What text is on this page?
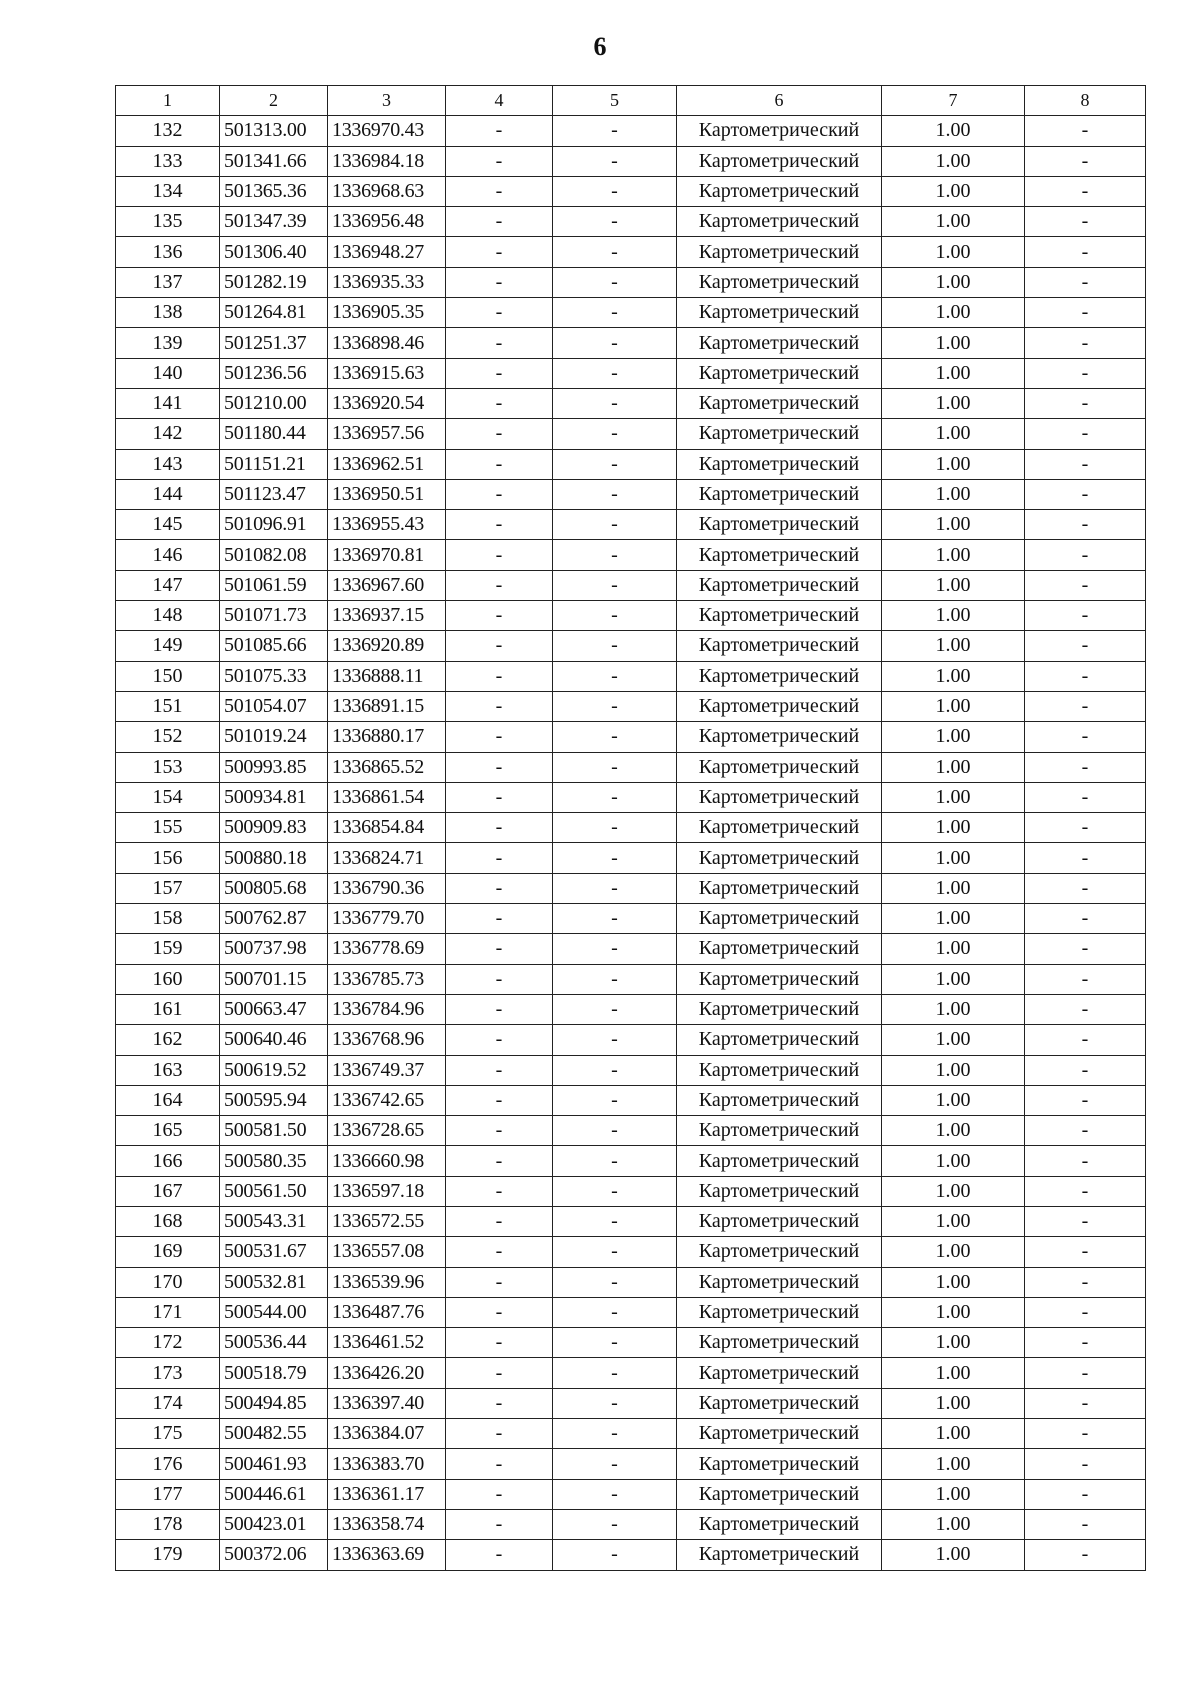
6
1	2	3	4	5	6	7	8
132	501313.00	1336970.43	-	-	Картометрический	1.00	-
133	501341.66	1336984.18	-	-	Картометрический	1.00	-
134	501365.36	1336968.63	-	-	Картометрический	1.00	-
135	501347.39	1336956.48	-	-	Картометрический	1.00	-
136	501306.40	1336948.27	-	-	Картометрический	1.00	-
137	501282.19	1336935.33	-	-	Картометрический	1.00	-
138	501264.81	1336905.35	-	-	Картометрический	1.00	-
139	501251.37	1336898.46	-	-	Картометрический	1.00	-
140	501236.56	1336915.63	-	-	Картометрический	1.00	-
141	501210.00	1336920.54	-	-	Картометрический	1.00	-
142	501180.44	1336957.56	-	-	Картометрический	1.00	-
143	501151.21	1336962.51	-	-	Картометрический	1.00	-
144	501123.47	1336950.51	-	-	Картометрический	1.00	-
145	501096.91	1336955.43	-	-	Картометрический	1.00	-
146	501082.08	1336970.81	-	-	Картометрический	1.00	-
147	501061.59	1336967.60	-	-	Картометрический	1.00	-
148	501071.73	1336937.15	-	-	Картометрический	1.00	-
149	501085.66	1336920.89	-	-	Картометрический	1.00	-
150	501075.33	1336888.11	-	-	Картометрический	1.00	-
151	501054.07	1336891.15	-	-	Картометрический	1.00	-
152	501019.24	1336880.17	-	-	Картометрический	1.00	-
153	500993.85	1336865.52	-	-	Картометрический	1.00	-
154	500934.81	1336861.54	-	-	Картометрический	1.00	-
155	500909.83	1336854.84	-	-	Картометрический	1.00	-
156	500880.18	1336824.71	-	-	Картометрический	1.00	-
157	500805.68	1336790.36	-	-	Картометрический	1.00	-
158	500762.87	1336779.70	-	-	Картометрический	1.00	-
159	500737.98	1336778.69	-	-	Картометрический	1.00	-
160	500701.15	1336785.73	-	-	Картометрический	1.00	-
161	500663.47	1336784.96	-	-	Картометрический	1.00	-
162	500640.46	1336768.96	-	-	Картометрический	1.00	-
163	500619.52	1336749.37	-	-	Картометрический	1.00	-
164	500595.94	1336742.65	-	-	Картометрический	1.00	-
165	500581.50	1336728.65	-	-	Картометрический	1.00	-
166	500580.35	1336660.98	-	-	Картометрический	1.00	-
167	500561.50	1336597.18	-	-	Картометрический	1.00	-
168	500543.31	1336572.55	-	-	Картометрический	1.00	-
169	500531.67	1336557.08	-	-	Картометрический	1.00	-
170	500532.81	1336539.96	-	-	Картометрический	1.00	-
171	500544.00	1336487.76	-	-	Картометрический	1.00	-
172	500536.44	1336461.52	-	-	Картометрический	1.00	-
173	500518.79	1336426.20	-	-	Картометрический	1.00	-
174	500494.85	1336397.40	-	-	Картометрический	1.00	-
175	500482.55	1336384.07	-	-	Картометрический	1.00	-
176	500461.93	1336383.70	-	-	Картометрический	1.00	-
177	500446.61	1336361.17	-	-	Картометрический	1.00	-
178	500423.01	1336358.74	-	-	Картометрический	1.00	-
179	500372.06	1336363.69	-	-	Картометрический	1.00	-
